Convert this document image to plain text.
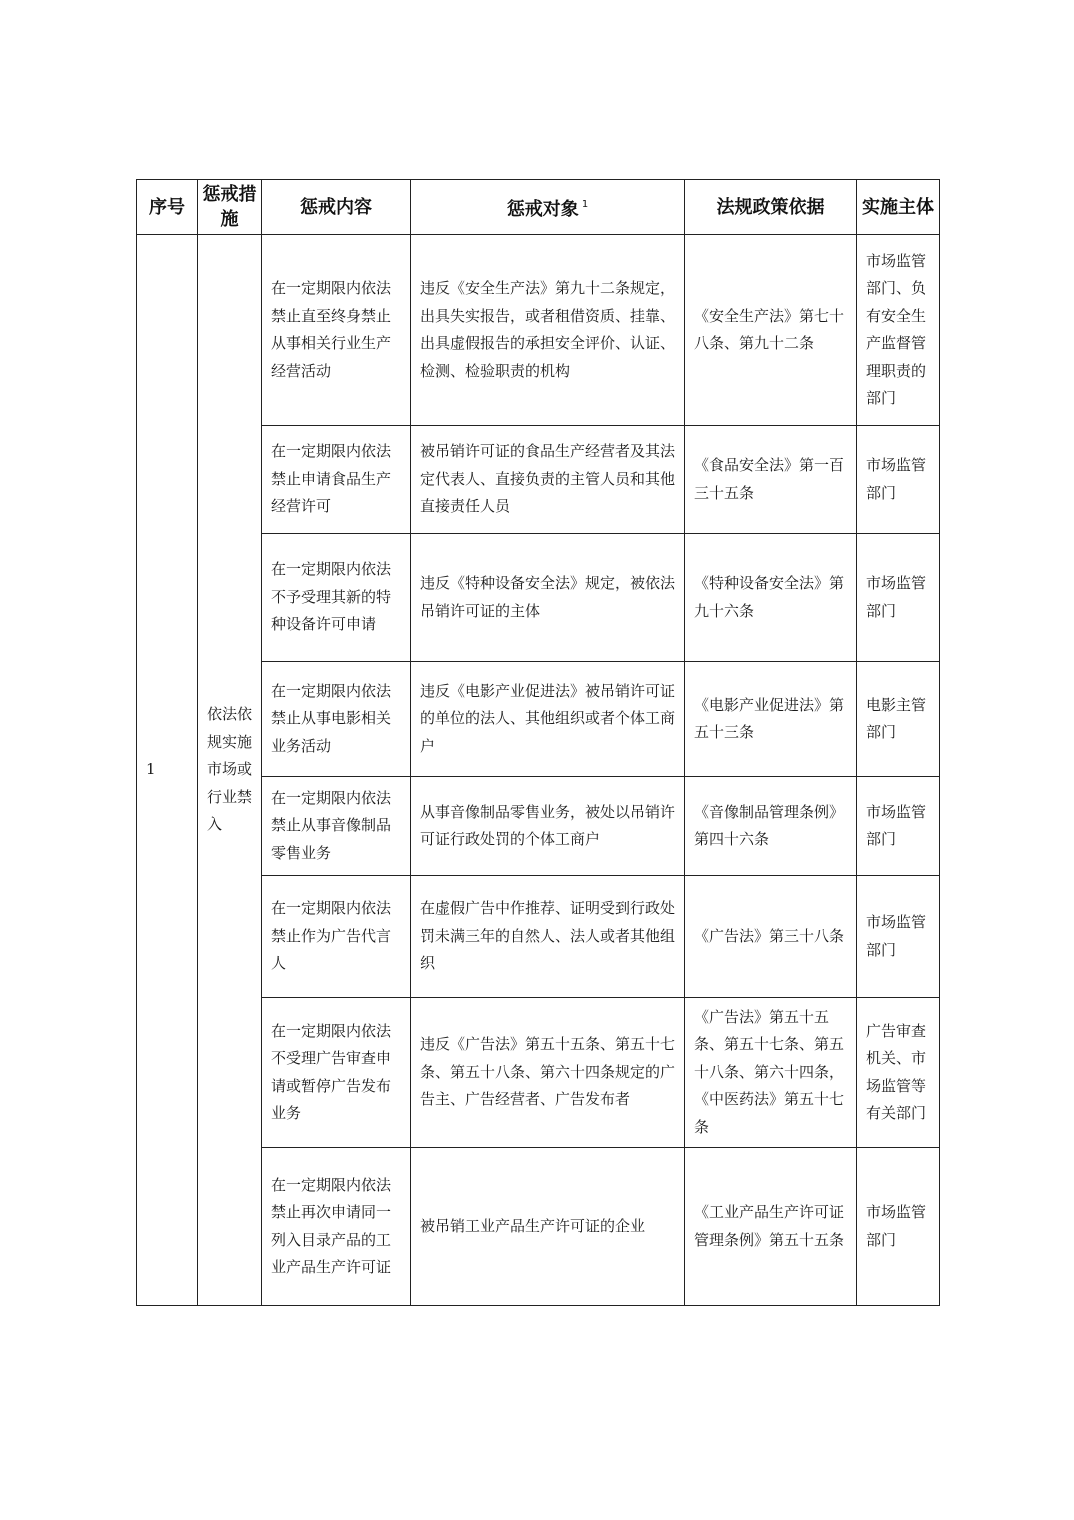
序号	惩戒措施	惩戒内容	惩戒对象 $^1$	法规政策依据	实施主体
1	依法依规实施市场或行业禁入	在一定期限内依法禁止直至终身禁止从事相关行业生产经营活动	违反《安全生产法》第九十二条规定，出具失实报告，或者租借资质、挂靠、出具虚假报告的承担安全评价、认证、检测、检验职责的机构	《安全生产法》第七十八条、第九十二条	市场监管部门、负有安全生产监督管理职责的部门
		在一定期限内依法禁止申请食品生产经营许可	被吊销许可证的食品生产经营者及其法定代表人、直接负责的主管人员和其他直接责任人员	《食品安全法》第一百三十五条	市场监管部门
		在一定期限内依法不予受理其新的特种设备许可申请	违反《特种设备安全法》规定，被依法吊销许可证的主体	《特种设备安全法》第九十六条	市场监管部门
		在一定期限内依法禁止从事电影相关业务活动	违反《电影产业促进法》被吊销许可证的单位的法人、其他组织或者个体工商户	《电影产业促进法》第五十三条	电影主管部门
		在一定期限内依法禁止从事音像制品零售业务	从事音像制品零售业务，被处以吊销许可证行政处罚的个体工商户	《音像制品管理条例》第四十六条	市场监管部门
		在一定期限内依法禁止作为广告代言人	在虚假广告中作推荐、证明受到行政处罚未满三年的自然人、法人或者其他组织	《广告法》第三十八条	市场监管部门
		在一定期限内依法不受理广告审查申请或暂停广告发布业务	违反《广告法》第五十五条、第五十七条、第五十八条、第六十四条规定的广告主、广告经营者、广告发布者	《广告法》第五十五条、第五十七条、第五十八条、第六十四条，《中医药法》第五十七条	广告审查机关、市场监管等有关部门
		在一定期限内依法禁止再次申请同一列入目录产品的工业产品生产许可证	被吊销工业产品生产许可证的企业	《工业产品生产许可证管理条例》第五十五条	市场监管部门
